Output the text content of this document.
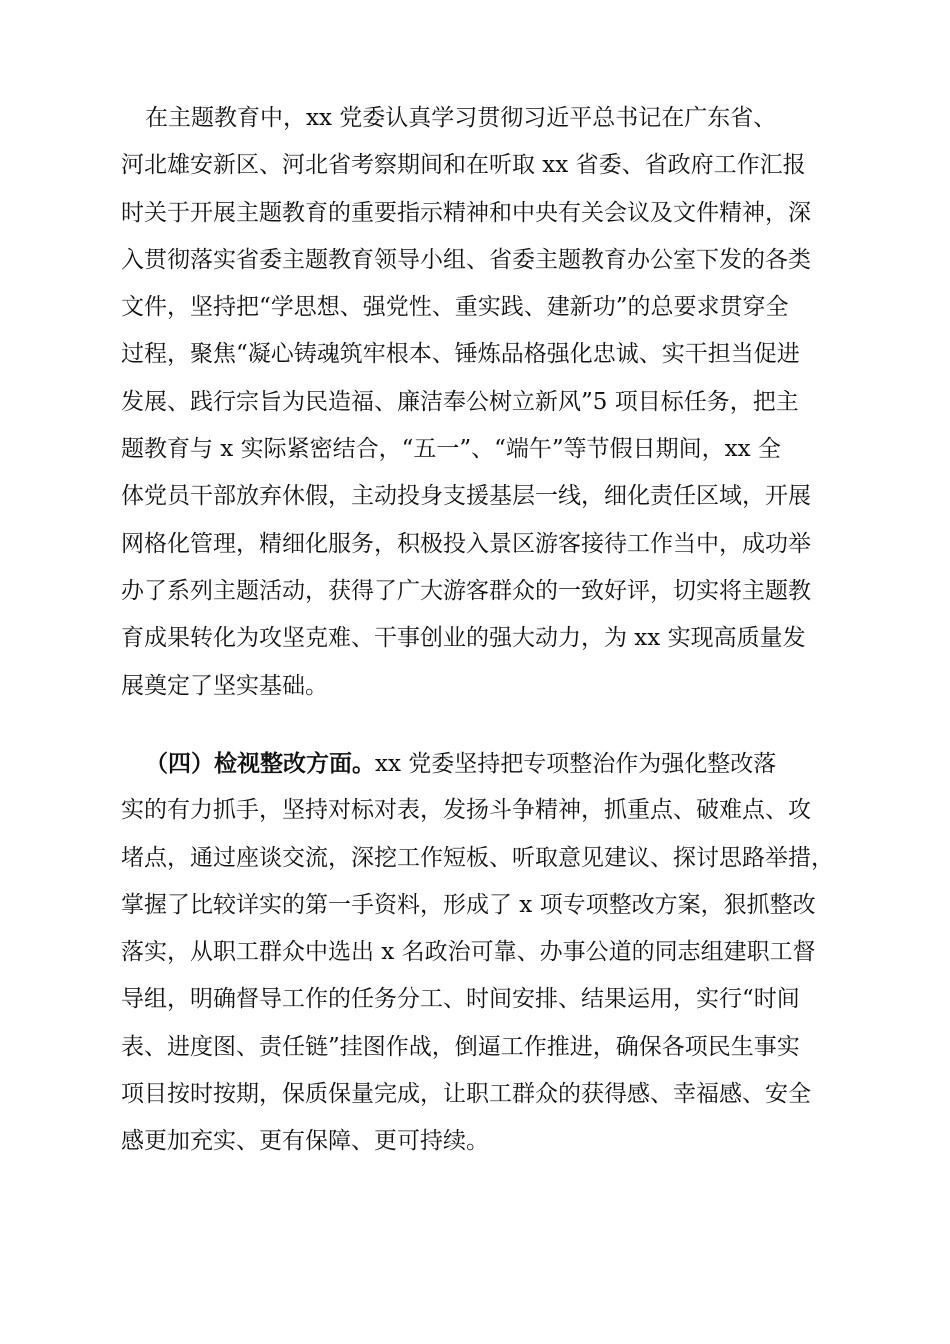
在主题教育中，xx 党委认真学习贯彻习近平总书记在广东省、
河北雄安新区、河北省考察期间和在听取 xx 省委、省政府工作汇报
时关于开展主题教育的重要指示精神和中央有关会议及文件精神，深
入贯彻落实省委主题教育领导小组、省委主题教育办公室下发的各类
文件，坚持把“学思想、强党性、重实践、建新功”的总要求贯穿全
过程，聚焦“凝心铸魂筑牢根本、锤炼品格强化忠诚、实干担当促进
发展、践行宗旨为民造福、廉洁奉公树立新风”5 项目标任务，把主
题教育与 x 实际紧密结合，“五一”、“端午”等节假日期间，xx 全
体党员干部放弃休假，主动投身支援基层一线，细化责任区域，开展
网格化管理，精细化服务，积极投入景区游客接待工作当中，成功举
办了系列主题活动，获得了广大游客群众的一致好评，切实将主题教
育成果转化为攻坚克难、干事创业的强大动力，为 xx 实现高质量发
展奠定了坚实基础。
（四）检视整改方面。xx 党委坚持把专项整治作为强化整改落
实的有力抓手，坚持对标对表，发扬斗争精神，抓重点、破难点、攻
堵点，通过座谈交流，深挖工作短板、听取意见建议、探讨思路举措，
掌握了比较详实的第一手资料，形成了 x 项专项整改方案，狠抓整改
落实，从职工群众中选出 x 名政治可靠、办事公道的同志组建职工督
导组，明确督导工作的任务分工、时间安排、结果运用，实行“时间
表、进度图、责任链”挂图作战，倒逼工作推进，确保各项民生事实
项目按时按期，保质保量完成，让职工群众的获得感、幸福感、安全
感更加充实、更有保障、更可持续。
